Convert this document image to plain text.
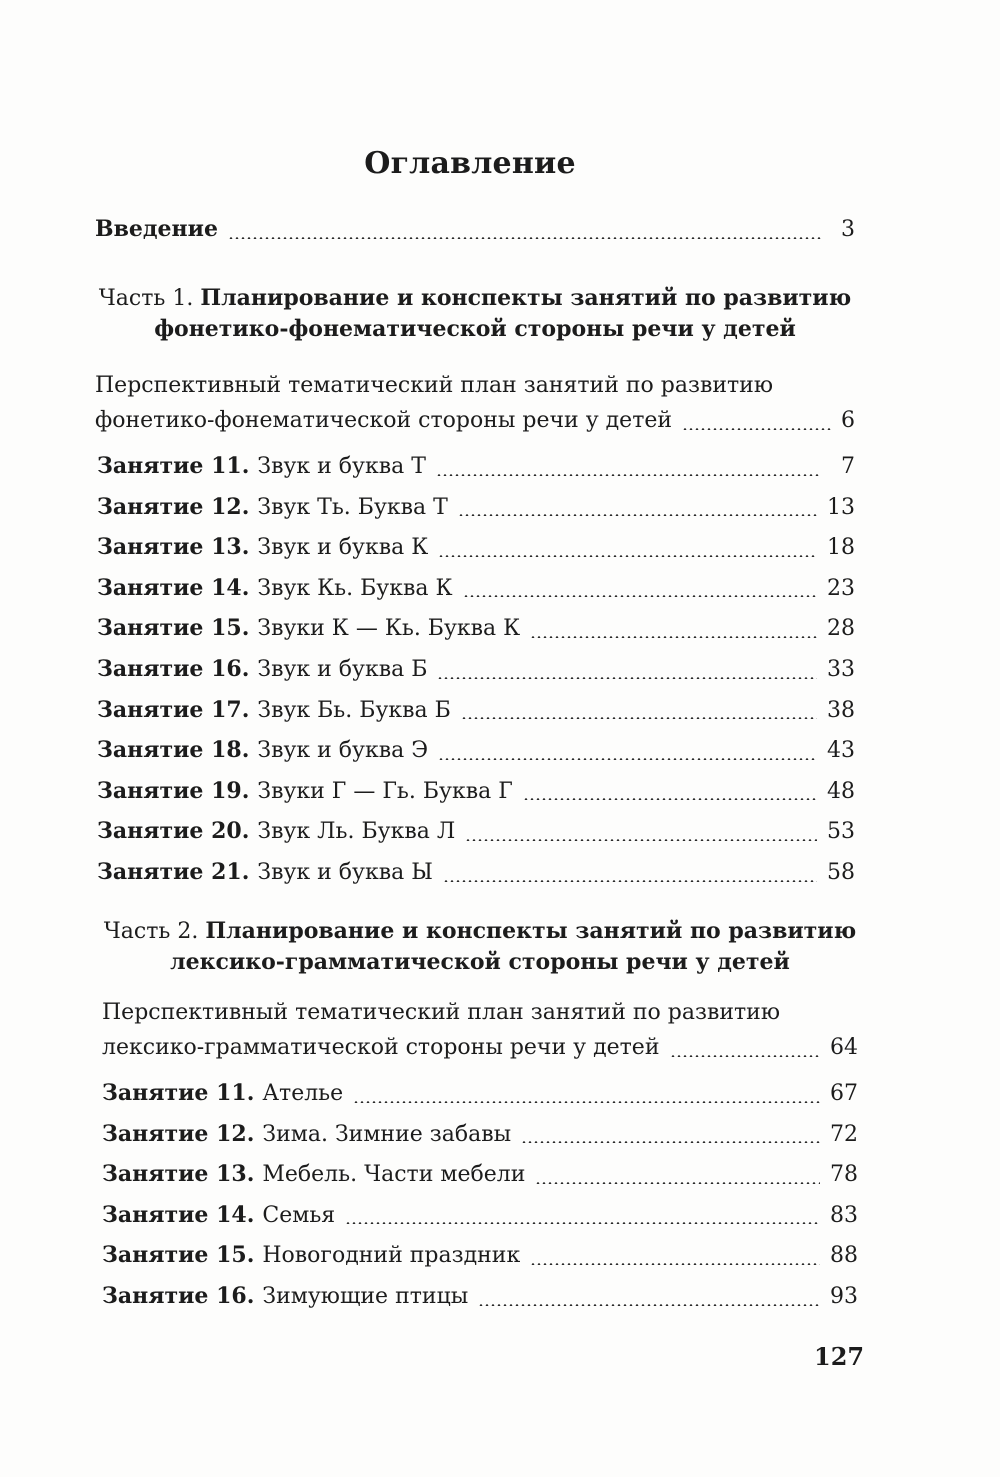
Оглавление
Введение	3
Часть 1. Планирование и конспекты занятий по развитию
фонетико-фонематической стороны речи у детей
Перспективный тематический план занятий по развитию
фонетико-фонематической стороны речи у детей	6
Занятие 11. Звук и буква Т	7
Занятие 12. Звук Ть. Буква Т	13
Занятие 13. Звук и буква К	18
Занятие 14. Звук Кь. Буква К	23
Занятие 15. Звуки К — Кь. Буква К	28
Занятие 16. Звук и буква Б	33
Занятие 17. Звук Бь. Буква Б	38
Занятие 18. Звук и буква Э	43
Занятие 19. Звуки Г — Гь. Буква Г	48
Занятие 20. Звук Ль. Буква Л	53
Занятие 21. Звук и буква Ы	58
Часть 2. Планирование и конспекты занятий по развитию
лексико-грамматической стороны речи у детей
Перспективный тематический план занятий по развитию
лексико-грамматической стороны речи у детей	64
Занятие 11. Ателье	67
Занятие 12. Зима. Зимние забавы	72
Занятие 13. Мебель. Части мебели	78
Занятие 14. Семья	83
Занятие 15. Новогодний праздник	88
Занятие 16. Зимующие птицы	93
127
